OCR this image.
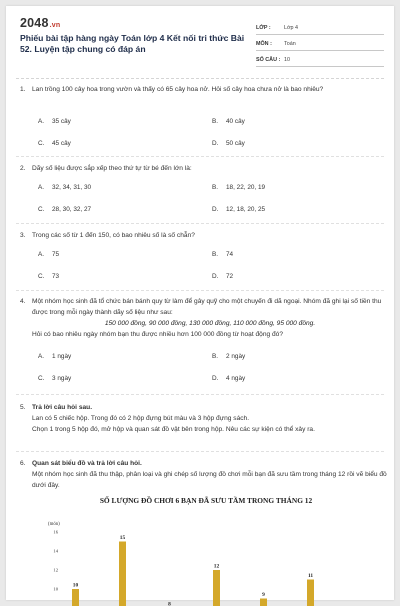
2048.vn
Phiếu bài tập hàng ngày Toán lớp 4 Kết nối tri thức Bài 52. Luyện tập chung có đáp án
LỚP :	Lớp 4
MÔN :	Toán
SỐ CÂU : 10
1. Lan trồng 100 cây hoa trong vườn và thấy có 65 cây hoa nở. Hỏi số cây hoa chưa nở là bao nhiêu?
A. 35 cây	B. 40 cây
C. 45 cây	D. 50 cây
2. Dãy số liệu được sắp xếp theo thứ tự từ bé đến lớn là:
A. 32, 34, 31, 30	B. 18, 22, 20, 19
C. 28, 30, 32, 27	D. 12, 18, 20, 25
3. Trong các số từ 1 đến 150, có bao nhiêu số là số chẵn?
A. 75	B. 74
C. 73	D. 72
4. Một nhóm học sinh đã tổ chức bán bánh quy từ làm để gây quỹ cho một chuyến đi dã ngoại. Nhóm đã ghi lại số tiền thu được trong mỗi ngày thành dãy số liệu như sau:
150 000 đồng, 90 000 đồng, 130 000 đồng, 110 000 đồng, 95 000 đồng.
Hỏi có bao nhiêu ngày nhóm bạn thu được nhiều hơn 100 000 đồng từ hoạt động đó?
A. 1 ngày	B. 2 ngày
C. 3 ngày	D. 4 ngày
5. Trả lời câu hỏi sau.
Lan có 5 chiếc hộp. Trong đó có 2 hộp đựng bút màu và 3 hộp đựng sách.
Chọn 1 trong 5 hộp đó, mở hộp và quan sát đồ vật bên trong hộp. Nêu các sự kiện có thể xảy ra.
6. Quan sát biểu đồ và trả lời câu hỏi.
Một nhóm học sinh đã thu thập, phân loại và ghi chép số lượng đồ chơi mỗi bạn đã sưu tầm trong tháng 12 rồi vẽ biểu đồ dưới đây.
SỐ LƯỢNG ĐỒ CHƠI 6 BẠN ĐÃ SƯU TẦM TRONG THÁNG 12
(món)
16
14
12
10
10
15
8
12
9
11
